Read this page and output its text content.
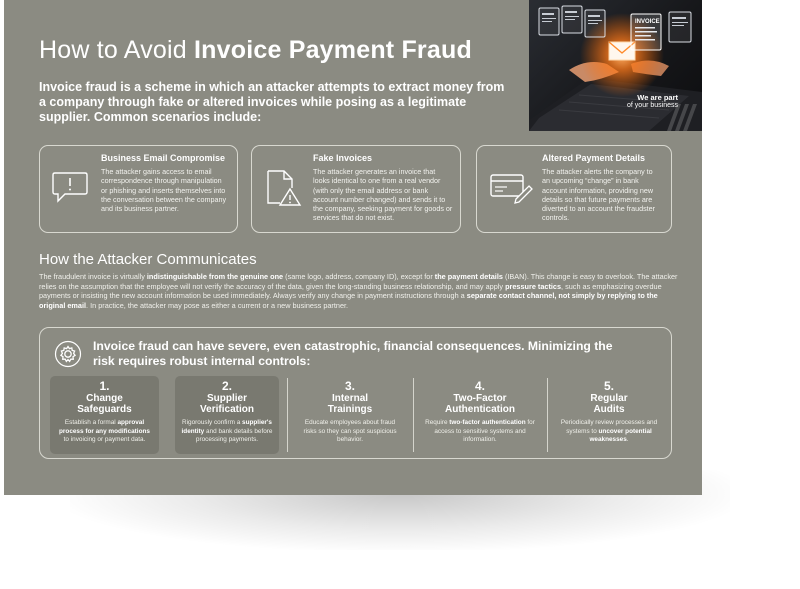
How to Avoid Invoice Payment Fraud
Invoice fraud is a scheme in which an attacker attempts to extract money from a company through fake or altered invoices while posing as a legitimate supplier. Common scenarios include:
INVOICE
We are part
of your business
Business Email Compromise
The attacker gains access to email correspondence through manipulation or phishing and inserts themselves into the conversation between the company and its business partner.
Fake Invoices
The attacker generates an invoice that looks identical to one from a real vendor (with only the email address or bank account number changed) and sends it to the company, seeking payment for goods or services that do not exist.
Altered Payment Details
The attacker alerts the company to an upcoming “change” in bank account information, providing new details so that future payments are diverted to an account the fraudster controls.
How the Attacker Communicates
The fraudulent invoice is virtually indistinguishable from the genuine one (same logo, address, company ID), except for the payment details (IBAN). This change is easy to overlook. The attacker relies on the assumption that the employee will not verify the accuracy of the data, given the long-standing business relationship, and may apply pressure tactics, such as emphasizing overdue payments or insisting the new account information be used immediately. Always verify any change in payment instructions through a separate contact channel, not simply by replying to the original email. In practice, the attacker may pose as either a current or a new business partner.
Invoice fraud can have severe, even catastrophic, financial consequences. Minimizing the risk requires robust internal controls:
1.
Change
Safeguards
Establish a formal approval process for any modifications to invoicing or payment data.
2.
Supplier
Verification
Rigorously confirm a supplier's identity and bank details before processing payments.
3.
Internal
Trainings
Educate employees about fraud risks so they can spot suspicious behavior.
4.
Two-Factor
Authentication
Require two-factor authentication for access to sensitive systems and information.
5.
Regular
Audits
Periodically review processes and systems to uncover potential weaknesses.
